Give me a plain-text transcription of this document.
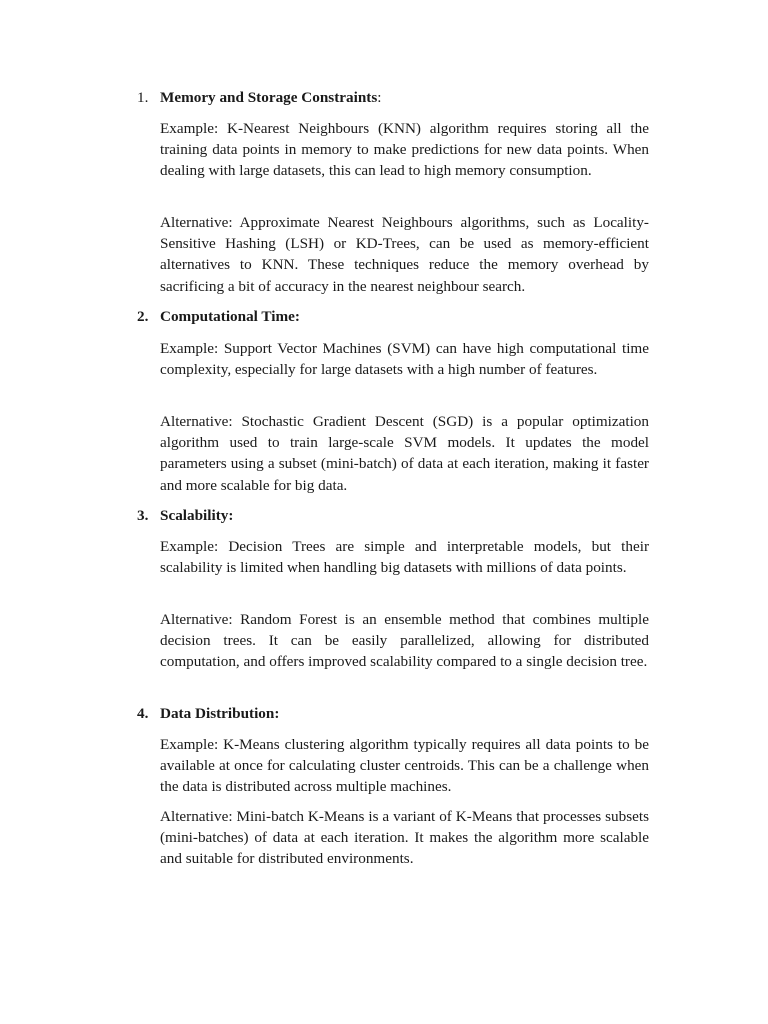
1. Memory and Storage Constraints:

Example: K-Nearest Neighbours (KNN) algorithm requires storing all the training data points in memory to make predictions for new data points. When dealing with large datasets, this can lead to high memory consumption.

Alternative: Approximate Nearest Neighbours algorithms, such as Locality-Sensitive Hashing (LSH) or KD-Trees, can be used as memory-efficient alternatives to KNN. These techniques reduce the memory overhead by sacrificing a bit of accuracy in the nearest neighbour search.

2. Computational Time:

Example: Support Vector Machines (SVM) can have high computational time complexity, especially for large datasets with a high number of features.

Alternative: Stochastic Gradient Descent (SGD) is a popular optimization algorithm used to train large-scale SVM models. It updates the model parameters using a subset (mini-batch) of data at each iteration, making it faster and more scalable for big data.

3. Scalability:

Example: Decision Trees are simple and interpretable models, but their scalability is limited when handling big datasets with millions of data points.

Alternative: Random Forest is an ensemble method that combines multiple decision trees. It can be easily parallelized, allowing for distributed computation, and offers improved scalability compared to a single decision tree.

4. Data Distribution:

Example: K-Means clustering algorithm typically requires all data points to be available at once for calculating cluster centroids. This can be a challenge when the data is distributed across multiple machines.

Alternative: Mini-batch K-Means is a variant of K-Means that processes subsets (mini-batches) of data at each iteration. It makes the algorithm more scalable and suitable for distributed environments.
